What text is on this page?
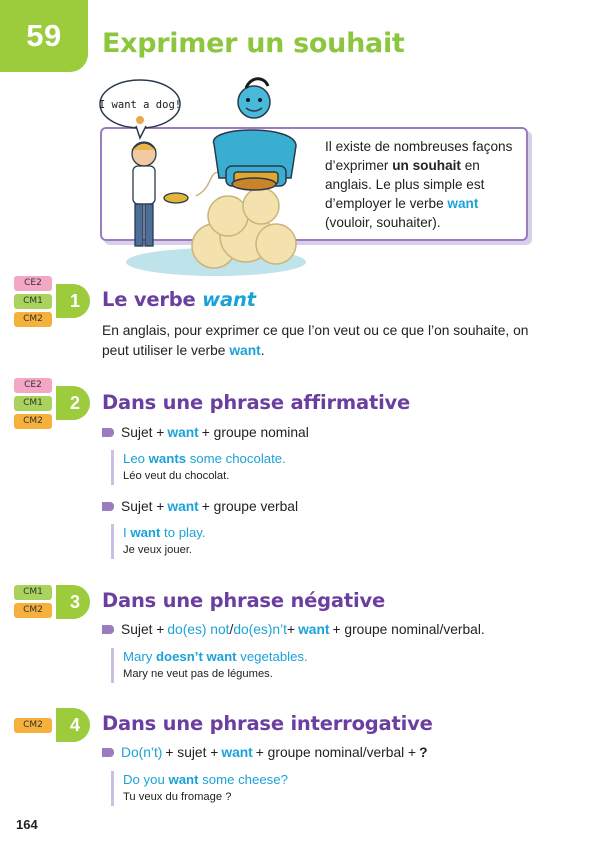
59 Exprimer un souhait
I want a dog!
Il existe de nombreuses façons d’exprimer un souhait en anglais. Le plus simple est d’employer le verbe want (vouloir, souhaiter).
CE2
CM1
CM2
1	Le verbe want
En anglais, pour exprimer ce que l’on veut ou ce que l’on souhaite, on peut utiliser le verbe want.
CE2
CM1
CM2
2	Dans une phrase affirmative
Sujet + want + groupe nominal
Leo wants some chocolate.
Léo veut du chocolat.
Sujet + want + groupe verbal
I want to play.
Je veux jouer.
CM1
CM2	3	Dans une phrase négative
Sujet + do(es) not / do(es)n’t + want + groupe nominal/verbal.
Mary doesn’t want vegetables.
Mary ne veut pas de légumes.
CM2	4	Dans une phrase interrogative
Do(n’t) + sujet + want + groupe nominal/verbal + ?
Do you want some cheese?
Tu veux du fromage ?
164
